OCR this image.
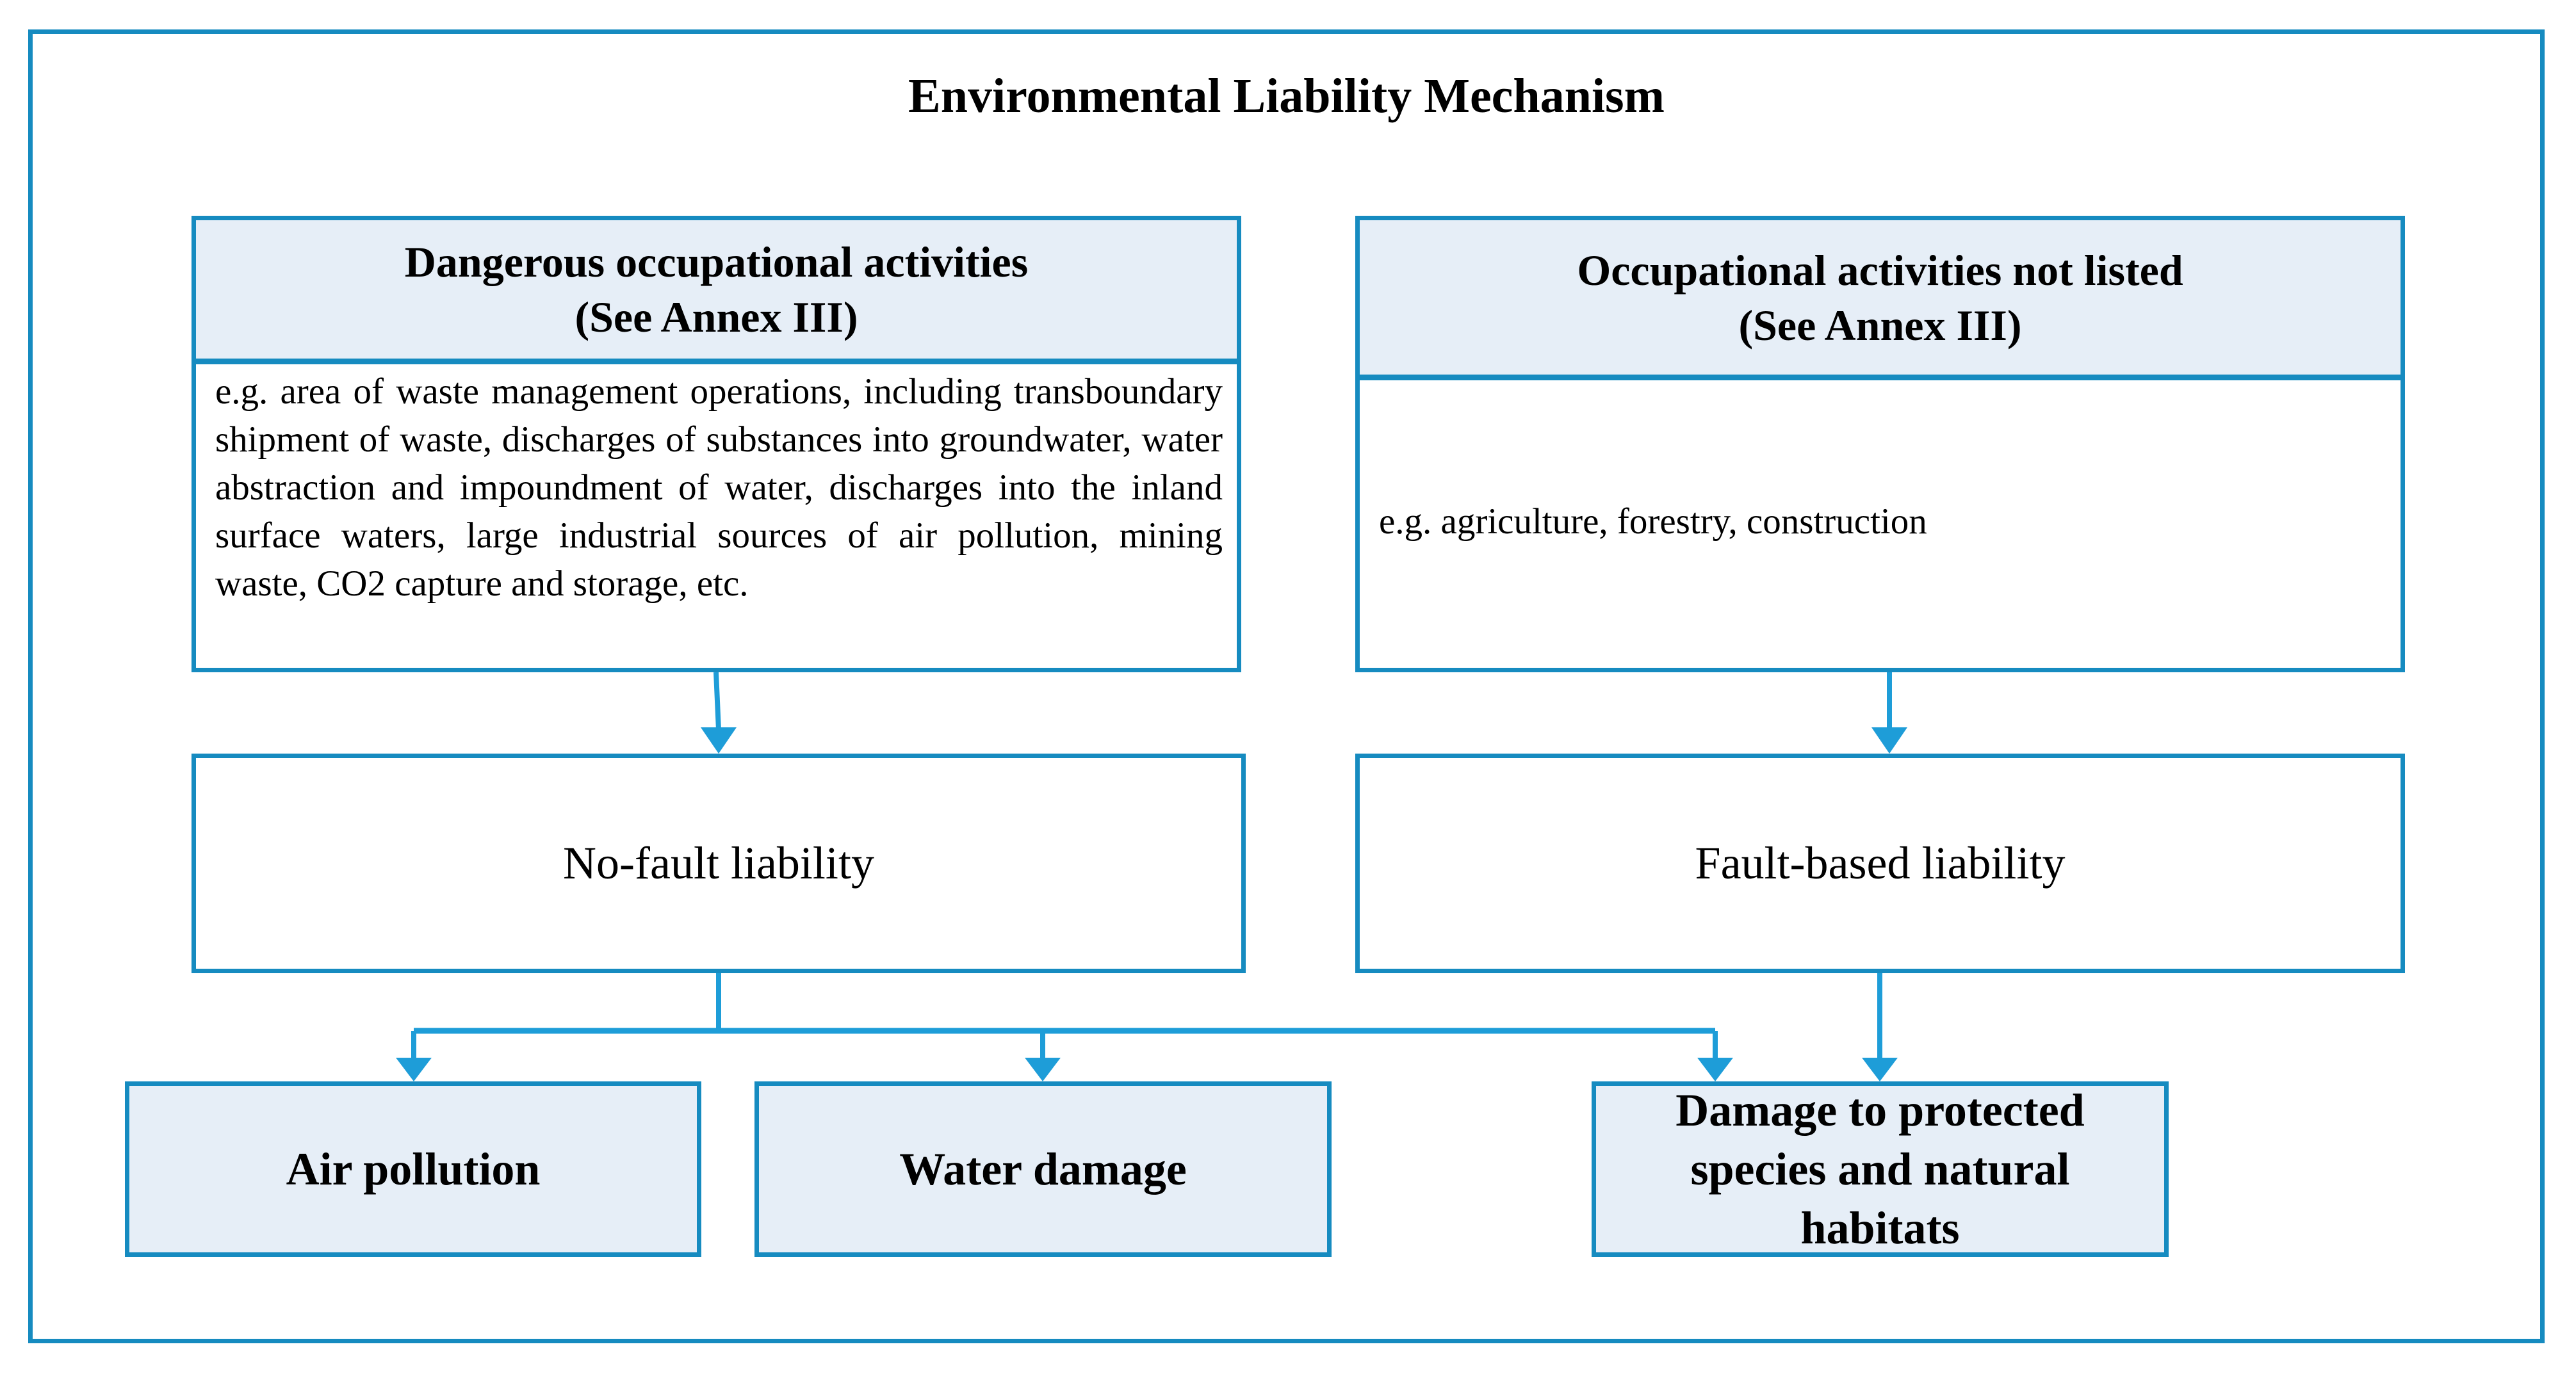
Environmental Liability Mechanism
Dangerous occupational activities
(See Annex III)
e.g. area of waste management operations, including transboundary shipment of waste, discharges of substances into groundwater, water abstraction and impoundment of water, discharges into the inland surface waters, large industrial sources of air pollution, mining waste, CO2 capture and storage, etc.
Occupational activities not listed
(See Annex III)
e.g. agriculture, forestry, construction
No-fault liability	Fault-based liability
Air pollution	Water damage
Damage to protected species and natural habitats
